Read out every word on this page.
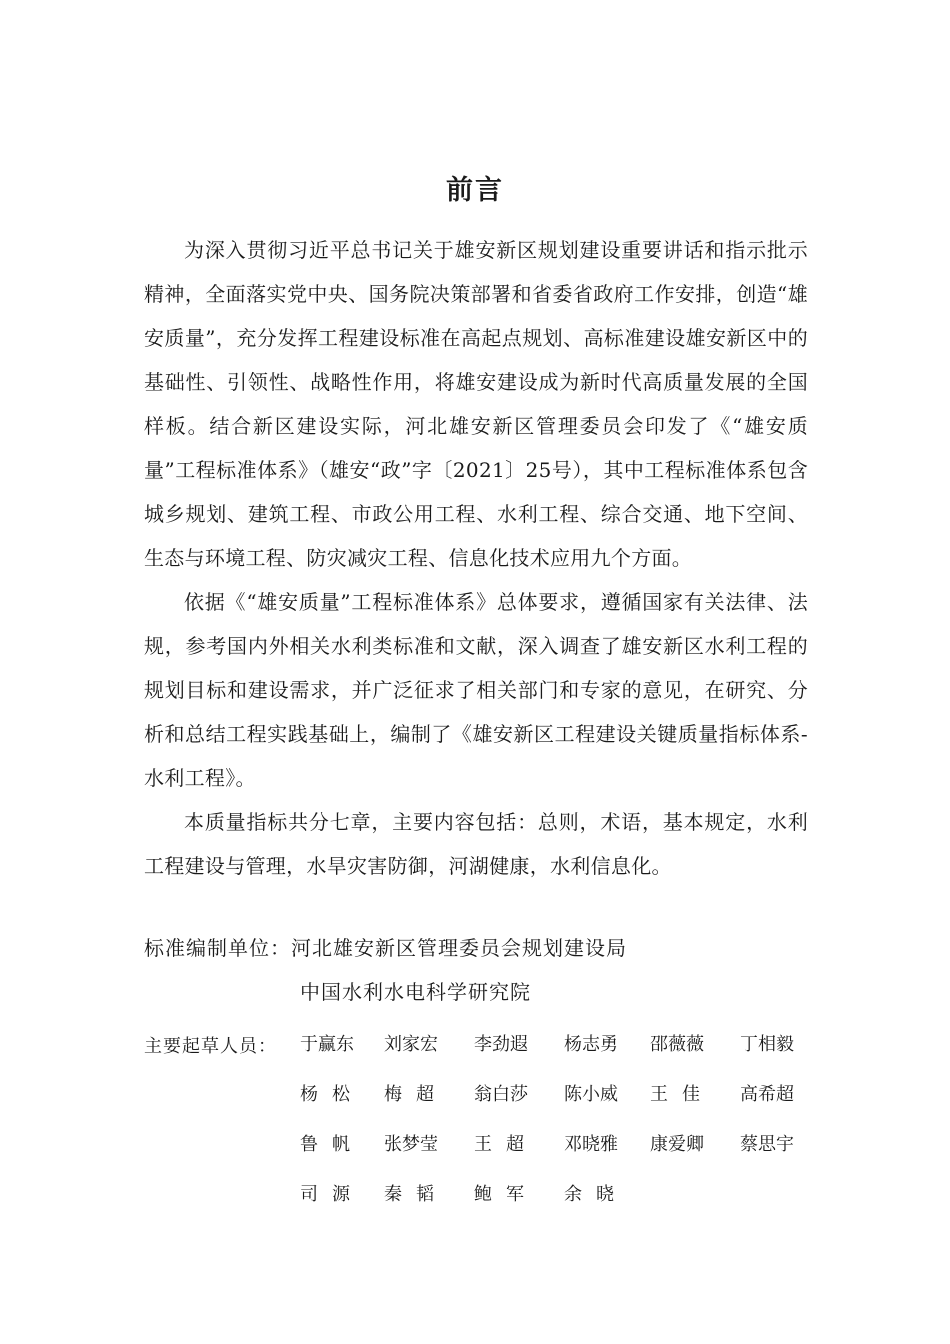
前言

为深入贯彻习近平总书记关于雄安新区规划建设重要讲话和指示批示精神，全面落实党中央、国务院决策部署和省委省政府工作安排，创造“雄安质量”，充分发挥工程建设标准在高起点规划、高标准建设雄安新区中的基础性、引领性、战略性作用，将雄安建设成为新时代高质量发展的全国样板。结合新区建设实际，河北雄安新区管理委员会印发了《“雄安质量”工程标准体系》（雄安“政”字〔2021〕25号），其中工程标准体系包含城乡规划、建筑工程、市政公用工程、水利工程、综合交通、地下空间、生态与环境工程、防灾减灾工程、信息化技术应用九个方面。

依据《“雄安质量”工程标准体系》总体要求，遵循国家有关法律、法规，参考国内外相关水利类标准和文献，深入调查了雄安新区水利工程的规划目标和建设需求，并广泛征求了相关部门和专家的意见，在研究、分析和总结工程实践基础上，编制了《雄安新区工程建设关键质量指标体系-水利工程》。

本质量指标共分七章，主要内容包括：总则，术语，基本规定，水利工程建设与管理，水旱灾害防御，河湖健康，水利信息化。

标准编制单位：河北雄安新区管理委员会规划建设局
中国水利水电科学研究院
主要起草人员： 于赢东	刘家宏	李劲遐	杨志勇	邵薇薇	丁相毅
杨松	梅超	翁白莎	陈小威	王佳	高希超
鲁帆	张梦莹	王超	邓晓雅	康爱卿	蔡思宇
司源	秦韬	鲍军	余晓
